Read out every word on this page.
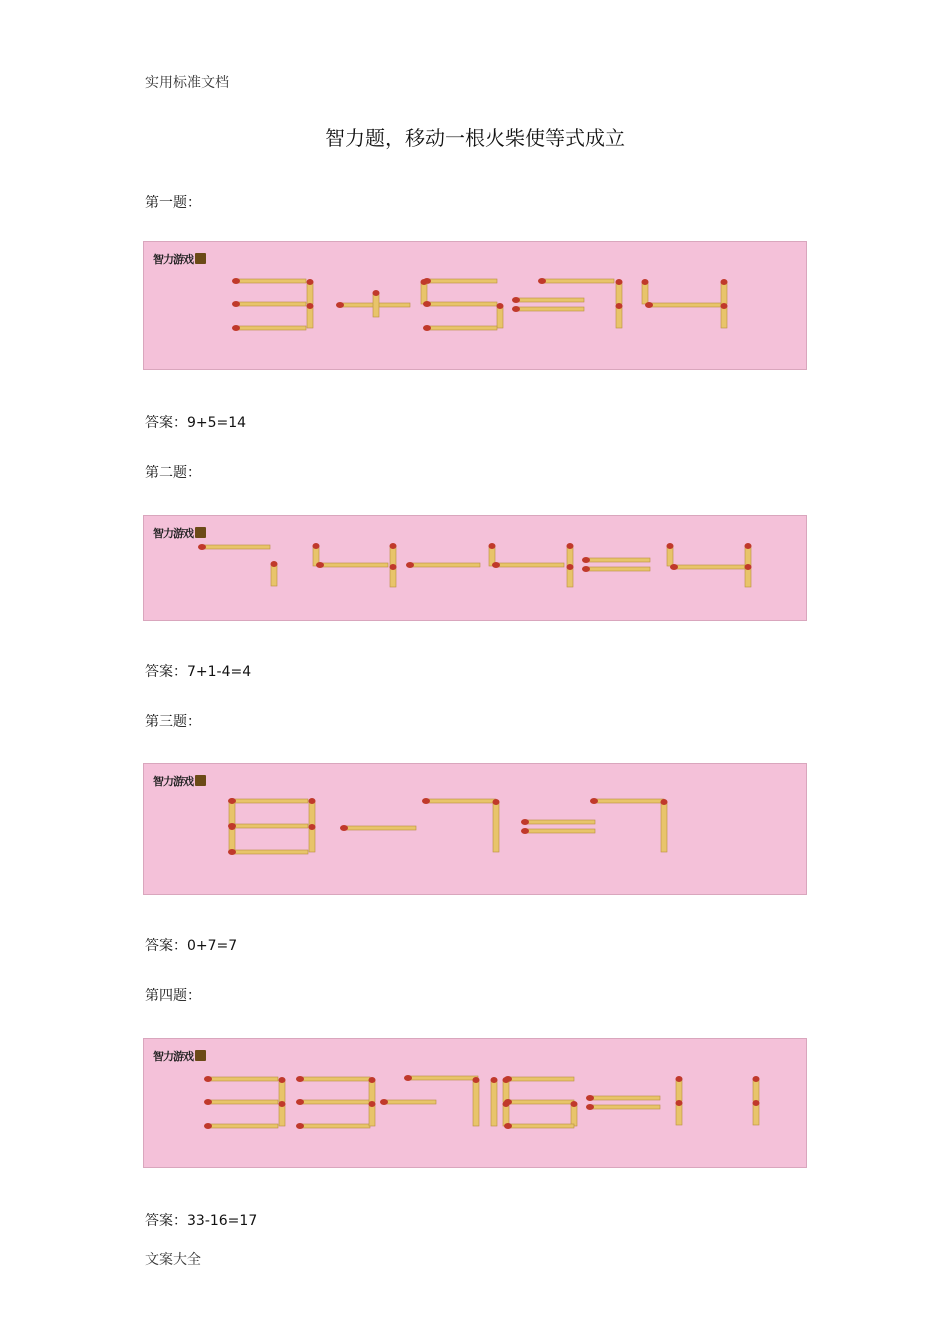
实用标准文档
智力题，移动一根火柴使等式成立
第一题：
智力游戏
答案：9+5=14
第二题：
智力游戏
答案：7+1-4=4
第三题：
智力游戏
答案：0+7=7
第四题：
智力游戏
答案：33-16=17
文案大全
